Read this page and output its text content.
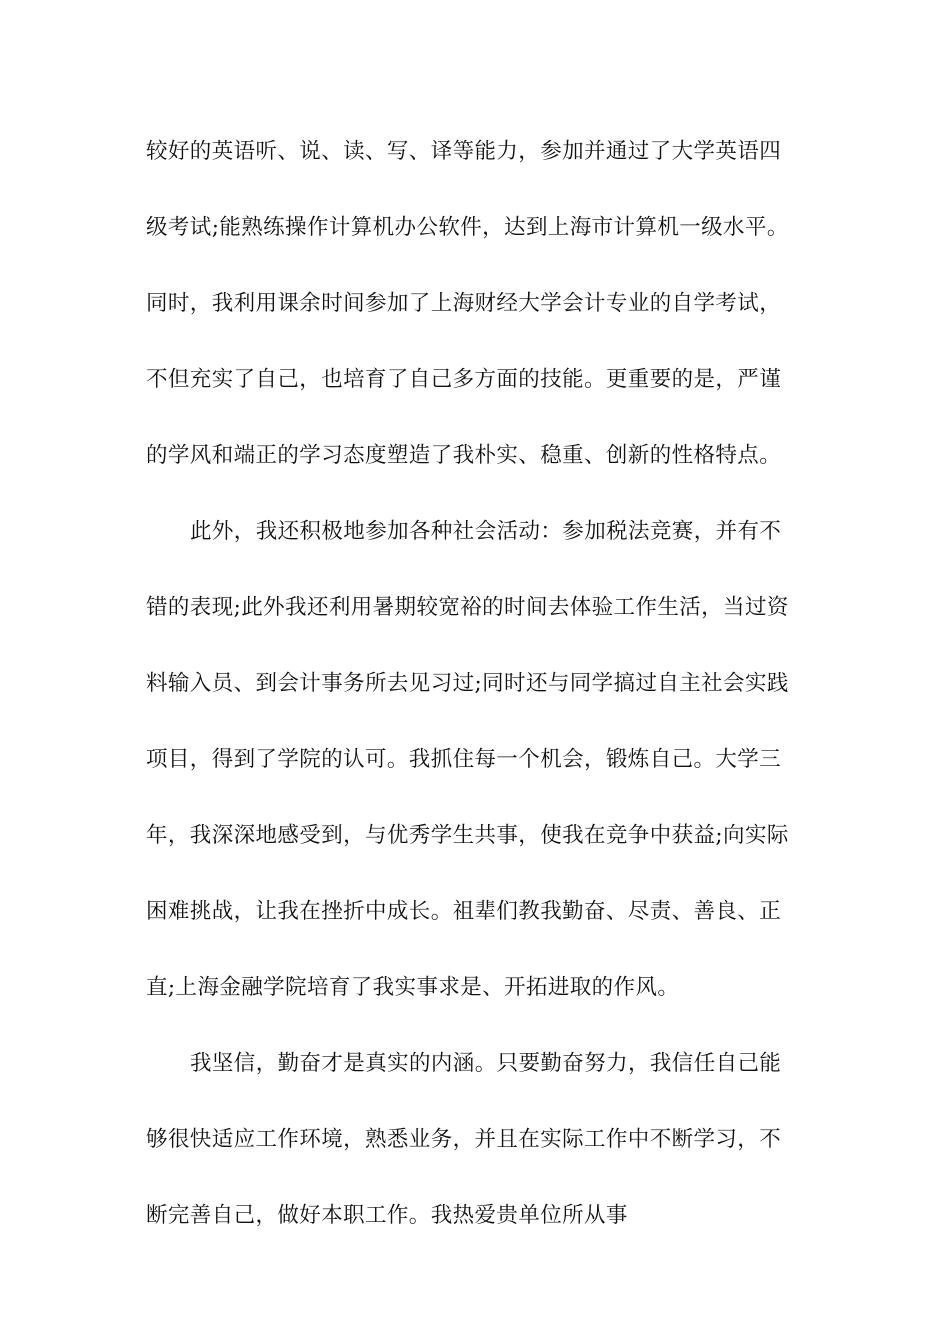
较好的英语听、说、读、写、译等能力，参加并通过了大学英语四
级考试;能熟练操作计算机办公软件，达到上海市计算机一级水平。
同时，我利用课余时间参加了上海财经大学会计专业的自学考试，
不但充实了自己，也培育了自己多方面的技能。更重要的是，严谨
的学风和端正的学习态度塑造了我朴实、稳重、创新的性格特点。
此外，我还积极地参加各种社会活动：参加税法竞赛，并有不
错的表现;此外我还利用暑期较宽裕的时间去体验工作生活，当过资
料输入员、到会计事务所去见习过;同时还与同学搞过自主社会实践
项目，得到了学院的认可。我抓住每一个机会，锻炼自己。大学三
年，我深深地感受到，与优秀学生共事，使我在竞争中获益;向实际
困难挑战，让我在挫折中成长。祖辈们教我勤奋、尽责、善良、正
直;上海金融学院培育了我实事求是、开拓进取的作风。
我坚信，勤奋才是真实的内涵。只要勤奋努力，我信任自己能
够很快适应工作环境，熟悉业务，并且在实际工作中不断学习，不
断完善自己，做好本职工作。我热爱贵单位所从事
